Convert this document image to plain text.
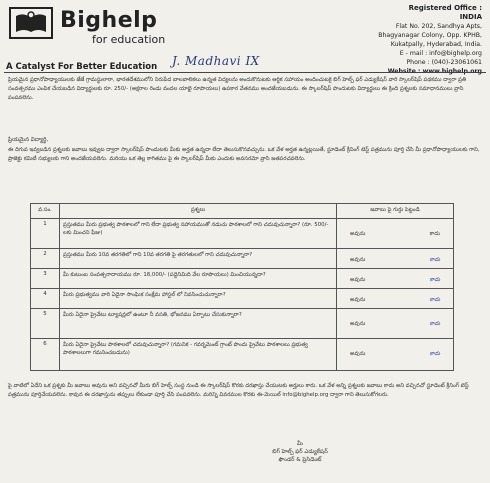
Bighelp
for education
A Catalyst For Better Education
Registered Office :
INDIA
Flat No. 202, Sandhya Apts,
Bhagyanagar Colony, Opp. KPHB,
Kukatpally, Hyderabad, India.
E - mail : info@bighelp.org
Phone : (040)-23061061
J. Madhavi IX
ప్రియమైన ప్రధానోపాధ్యాయులకు జేజే గ్రామస్థులారా, భారతదేశములోని నిరుపేద బాలబాలికలు ఉన్నత విద్యలను అందుకొనుటకు ఆర్థిక సహాయం అందించుటకై బిగ్ హెల్ప్ ఫర్ ఎడ్యుకేషన్ వారి స్కాలర్‌షిప్ పథకము ద్వారా ప్రతి సంవత్సరము ఎంపిక చేయబడిన విద్యార్థులకు రూ. 250/- (అక్షరాల రెండు వందల యాభై రూపాయలు) ఉపకార వేతనము అందజేయబడును. ఈ స్కాలర్‌షిప్ పొందుటకు విద్యార్థులు ఈ క్రింది ప్రశ్నలకు సమాధానములు వ్రాసి పంపవలెను.
ప్రియమైన విద్యార్థి,
ఈ దిగువ ఇవ్వబడిన ప్రశ్నలకు జవాబు ఇవ్వుట ద్వారా స్కాలర్‌షిప్ పొందుటకు మీకు అర్హత ఉన్నదా లేదా తెలుసుకొనవచ్చును. ఒక వేళ అర్హత ఉన్నట్లయితే, స్టూడెంట్ క్రీనింగ్ టెస్ట్ పత్రమును పూర్తి చేసి మీ ప్రధానోపాధ్యాయులకు గాని, ప్రాజెక్టు కమిటీ సభ్యులకు గాని అందజేయవలెను. మరియు ఒక తెల్ల కాగితము పై ఈ స్కాలర్‌షిప్ మీకు ఎందుకు అవసరమో వ్రాసి జతపరచవలెను.
వ.సం.	ప్రశ్నలు	జవాబు పై గుర్తు పెట్టండి
1	ప్రస్తుతము మీరు ప్రభుత్వ పాఠశాలలో గాని లేదా ప్రభుత్వ సహాయముతో నడుచు పాఠశాలలో గాని చదువుచున్నారా? (రూ. 500/- లకు మించని ఫీజు)	అవును కాదు

2	ప్రస్తుతము మీరు 10వ తరగతిలో గాని 10వ తరగతి పై తరగతులలో గాని చదువుచున్నారా?	అవును కాదు

3	మీ కుటుంబ సంవత్సరాదాయము రూ. 18,000/- (పద్దెనిమిది వేల రూపాయలు) మించియున్నదా?	అవును కాదు

4	మీరు ప్రభుత్వము వారి ఏదైనా సాంఘిక సంక్షేమ హాస్టల్ లో నివసించుచున్నారా?	అవును కాదు

5	మీరు ఏదైనా ప్రైవేటు ట్యూషన్లలో ఉంటూ నీ వసతి, భోజనము ఏర్పాటు చేసుకున్నారా?	అవును కాదు

6	మీరు ఏదైనా ప్రైవేటు పాఠశాలలో చదువుచున్నారా? (గమనిక - గవర్నమెంట్ గ్రాంట్ పొందు ప్రైవేటు పాఠశాలలు ప్రభుత్వ పాఠశాలలుగా గమనించబడును)	అవును కాదు
పై వాటిలో ఏదేని ఒక ప్రశ్నకు మీ జవాబు అవును అని వచ్చినచో మీరు బిగ్ హెల్ప్ సంస్థ నుండి ఈ స్కాలర్‌షిప్ కొరకు దరఖాస్తు చేయుటకు అర్హులు కారు. ఒక వేళ అన్ని ప్రశ్నలకు జవాబు కాదు అని వచ్చినచో స్టూడెంట్ క్రీనింగ్ టెస్ట్ పత్రమును పూర్తిచేయవలెను. కావున ఈ దరఖాస్తును తప్పులు లేకుండా పూర్తి చేసి పంపవలెను. మరిన్ని వివరముల కొరకు ఈ-మెయిల్ info@bighelp.org ద్వారా గాని తెలుసుకోగలరు.
మీ
బిగ్ హెల్ప్ ఫర్ ఎడ్యుకేషన్
ఫౌండర్ & ప్రెసిడెంట్
